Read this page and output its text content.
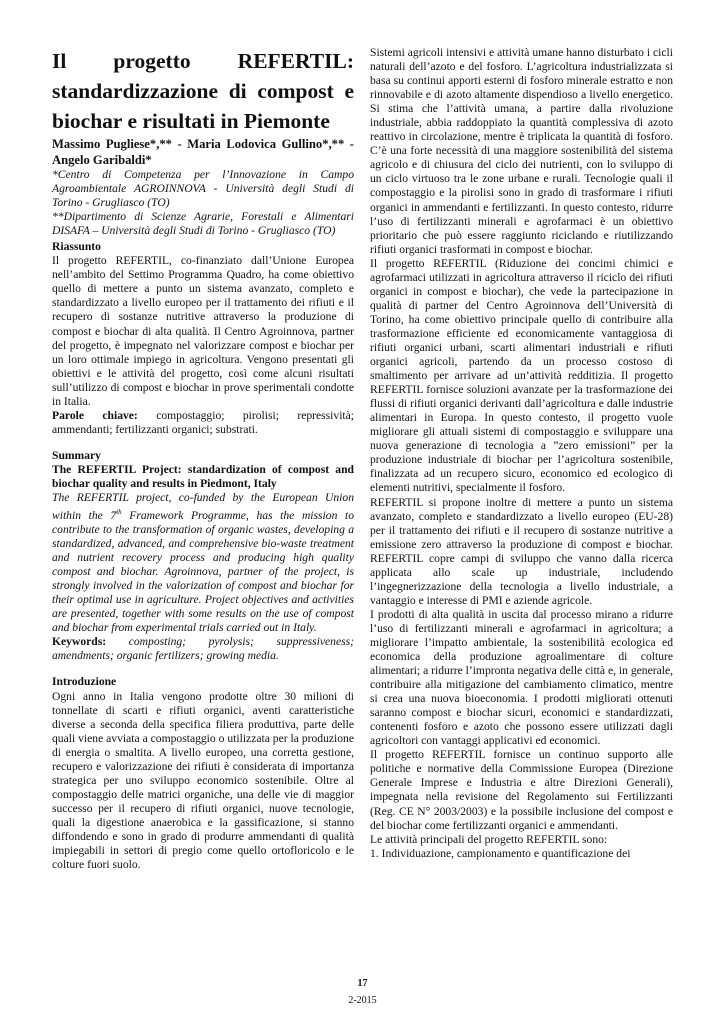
Il progetto REFERTIL: standardizzazione di compost e biochar e risultati in Piemonte

Massimo Pugliese*,** - Maria Lodovica Gullino*,** - Angelo Garibaldi*

*Centro di Competenza per l’Innovazione in Campo Agroambientale AGROINNOVA - Università degli Studi di Torino - Grugliasco (TO)

**Dipartimento di Scienze Agrarie, Forestali e Alimentari DISAFA – Università degli Studi di Torino - Grugliasco (TO)

Riassunto

Il progetto REFERTIL, co-finanziato dall’Unione Europea nell’ambito del Settimo Programma Quadro, ha come obiettivo quello di mettere a punto un sistema avanzato, completo e standardizzato a livello europeo per il trattamento dei rifiuti e il recupero di sostanze nutritive attraverso la produzione di compost e biochar di alta qualità. Il Centro Agroinnova, partner del progetto, è impegnato nel valorizzare compost e biochar per un loro ottimale impiego in agricoltura. Vengono presentati gli obiettivi e le attività del progetto, così come alcuni risultati sull’utilizzo di compost e biochar in prove sperimentali condotte in Italia.

Parole chiave: compostaggio; pirolisi; repressività; ammendanti; fertilizzanti organici; substrati.

Summary

The REFERTIL Project: standardization of compost and biochar quality and results in Piedmont, Italy

The REFERTIL project, co-funded by the European Union within the 7th Framework Programme, has the mission to contribute to the transformation of organic wastes, developing a standardized, advanced, and comprehensive bio-waste treatment and nutrient recovery process and producing high quality compost and biochar. Agroinnova, partner of the project, is strongly involved in the valorization of compost and biochar for their optimal use in agriculture. Project objectives and activities are presented, together with some results on the use of compost and biochar from experimental trials carried out in Italy.

Keywords: composting; pyrolysis; suppressiveness; amendments; organic fertilizers; growing media.

Introduzione

Ogni anno in Italia vengono prodotte oltre 30 milioni di tonnellate di scarti e rifiuti organici, aventi caratteristiche diverse a seconda della specifica filiera produttiva, parte delle quali viene avviata a compostaggio o utilizzata per la produzione di energia o smaltita. A livello europeo, una corretta gestione, recupero e valorizzazione dei rifiuti è considerata di importanza strategica per uno sviluppo economico sostenibile. Oltre al compostaggio delle matrici organiche, una delle vie di maggior successo per il recupero di rifiuti organici, nuove tecnologie, quali la digestione anaerobica e la gassificazione, si stanno diffondendo e sono in grado di produrre ammendanti di qualità impiegabili in settori di pregio come quello ortofloricolo e le colture fuori suolo.

Sistemi agricoli intensivi e attività umane hanno disturbato i cicli naturali dell’azoto e del fosforo. L’agricoltura industrializzata si basa su continui apporti esterni di fosforo minerale estratto e non rinnovabile e di azoto altamente dispendioso a livello energetico. Si stima che l’attività umana, a partire dalla rivoluzione industriale, abbia raddoppiato la quantità complessiva di azoto reattivo in circolazione, mentre è triplicata la quantità di fosforo. C’è una forte necessità di una maggiore sostenibilità del sistema agricolo e di chiusura del ciclo dei nutrienti, con lo sviluppo di un ciclo virtuoso tra le zone urbane e rurali. Tecnologie quali il compostaggio e la pirolisi sono in grado di trasformare i rifiuti organici in ammendanti e fertilizzanti. In questo contesto, ridurre l’uso di fertilizzanti minerali e agrofarmaci è un obiettivo prioritario che può essere raggiunto riciclando e riutilizzando rifiuti organici trasformati in compost e biochar.

Il progetto REFERTIL (Riduzione dei concimi chimici e agrofarmaci utilizzati in agricoltura attraverso il riciclo dei rifiuti organici in compost e biochar), che vede la partecipazione in qualità di partner del Centro Agroinnova dell’Università di Torino, ha come obiettivo principale quello di contribuire alla trasformazione efficiente ed economicamente vantaggiosa di rifiuti organici urbani, scarti alimentari industriali e rifiuti organici agricoli, partendo da un processo costoso di smaltimento per arrivare ad un’attività redditizia. Il progetto REFERTIL fornisce soluzioni avanzate per la trasformazione dei flussi di rifiuti organici derivanti dall’agricoltura e dalle industrie alimentari in Europa. In questo contesto, il progetto vuole migliorare gli attuali sistemi di compostaggio e sviluppare una nuova generazione di tecnologia a ”zero emissioni” per la produzione industriale di biochar per l’agricoltura sostenibile, finalizzata ad un recupero sicuro, economico ed ecologico di elementi nutritivi, specialmente il fosforo.

REFERTIL si propone inoltre di mettere a punto un sistema avanzato, completo e standardizzato a livello europeo (EU-28) per il trattamento dei rifiuti e il recupero di sostanze nutritive a emissione zero attraverso la produzione di compost e biochar. REFERTIL copre campi di sviluppo che vanno dalla ricerca applicata allo scale up industriale, includendo l’ingegnerizzazione della tecnologia a livello industriale, a vantaggio e interesse di PMI e aziende agricole.

I prodotti di alta qualità in uscita dal processo mirano a ridurre l’uso di fertilizzanti minerali e agrofarmaci in agricoltura; a migliorare l’impatto ambientale, la sostenibilità ecologica ed economica della produzione agroalimentare di colture alimentari; a ridurre l’impronta negativa delle città e, in generale, contribuire alla mitigazione del cambiamento climatico, mentre si crea una nuova bioeconomia. I prodotti migliorati ottenuti saranno compost e biochar sicuri, economici e standardizzati, contenenti fosforo e azoto che possono essere utilizzati dagli agricoltori con vantaggi applicativi ed economici.

Il progetto REFERTIL fornisce un continuo supporto alle politiche e normative della Commissione Europea (Direzione Generale Imprese e Industria e altre Direzioni Generali), impegnata nella revisione del Regolamento sui Fertilizzanti (Reg. CE N° 2003/2003) e la possibile inclusione del compost e del biochar come fertilizzanti organici e ammendanti.

Le attività principali del progetto REFERTIL sono:

1. Individuazione, campionamento e quantificazione dei

17
2-2015
